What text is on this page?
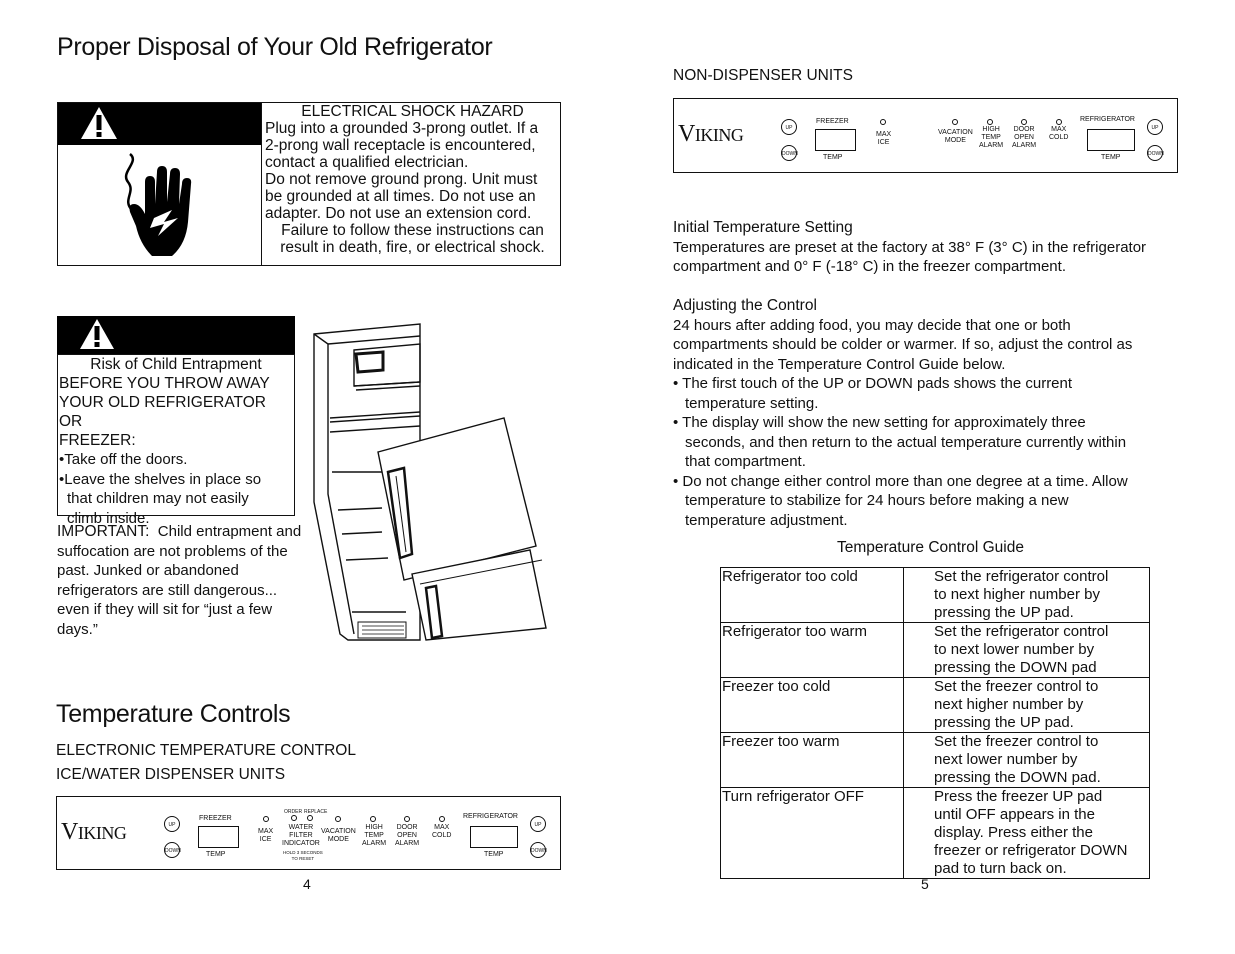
Proper Disposal of Your Old Refrigerator
ELECTRICAL SHOCK HAZARD
Plug into a grounded 3-prong outlet. If a
2-prong wall receptacle is encountered,
contact a qualified electrician.
Do not remove ground prong. Unit must
be grounded at all times. Do not use an
adapter. Do not use an extension cord.
Failure to follow these instructions can
result in death, fire, or electrical shock.
Risk of Child Entrapment
BEFORE YOU THROW AWAY
YOUR OLD REFRIGERATOR OR
FREEZER:
•Take off the doors.
•Leave the shelves in place so
that children may not easily
climb inside.
IMPORTANT: Child entrapment and
suffocation are not problems of the
past. Junked or abandoned
refrigerators are still dangerous...
even if they will sit for “just a few
days.”
Temperature Controls
ELECTRONIC TEMPERATURE CONTROL
ICE/WATER DISPENSER UNITS
VIKING	UP
DOWN
FREEZER
TEMP
MAX
ICE
ORDER REPLACE
WATER
FILTER
INDICATOR
HOLD 3 SECONDS
TO RESET
VACATION
MODE
HIGH
TEMP
ALARM
DOOR
OPEN
ALARM
MAX
COLD
REFRIGERATOR
TEMP
UP
DOWN
4
NON-DISPENSER UNITS
VIKING	UP
DOWN
FREEZER
TEMP
MAX
ICE
VACATION
MODE
HIGH
TEMP
ALARM
DOOR
OPEN
ALARM
MAX
COLD
REFRIGERATOR
TEMP
UP
DOWN
Initial Temperature Setting
Temperatures are preset at the factory at 38° F (3° C) in the refrigerator
compartment and 0° F (-18° C) in the freezer compartment.
Adjusting the Control
24 hours after adding food, you may decide that one or both
compartments should be colder or warmer. If so, adjust the control as
indicated in the Temperature Control Guide below.
• The first touch of the UP or DOWN pads shows the current
temperature setting.
• The display will show the new setting for approximately three
seconds, and then return to the actual temperature currently within
that compartment.
• Do not change either control more than one degree at a time. Allow
temperature to stabilize for 24 hours before making a new
temperature adjustment.
Temperature Control Guide
Refrigerator too cold	Set the refrigerator control
to next higher number by
pressing the UP pad.

Refrigerator too warm	Set the refrigerator control
to next lower number by
pressing the DOWN pad

Freezer too cold	Set the freezer control to
next higher number by
pressing the UP pad.

Freezer too warm	Set the freezer control to
next lower number by
pressing the DOWN pad.

Turn refrigerator OFF	Press the freezer UP pad
until OFF appears in the
display. Press either the
freezer or refrigerator DOWN
pad to turn back on.
5
